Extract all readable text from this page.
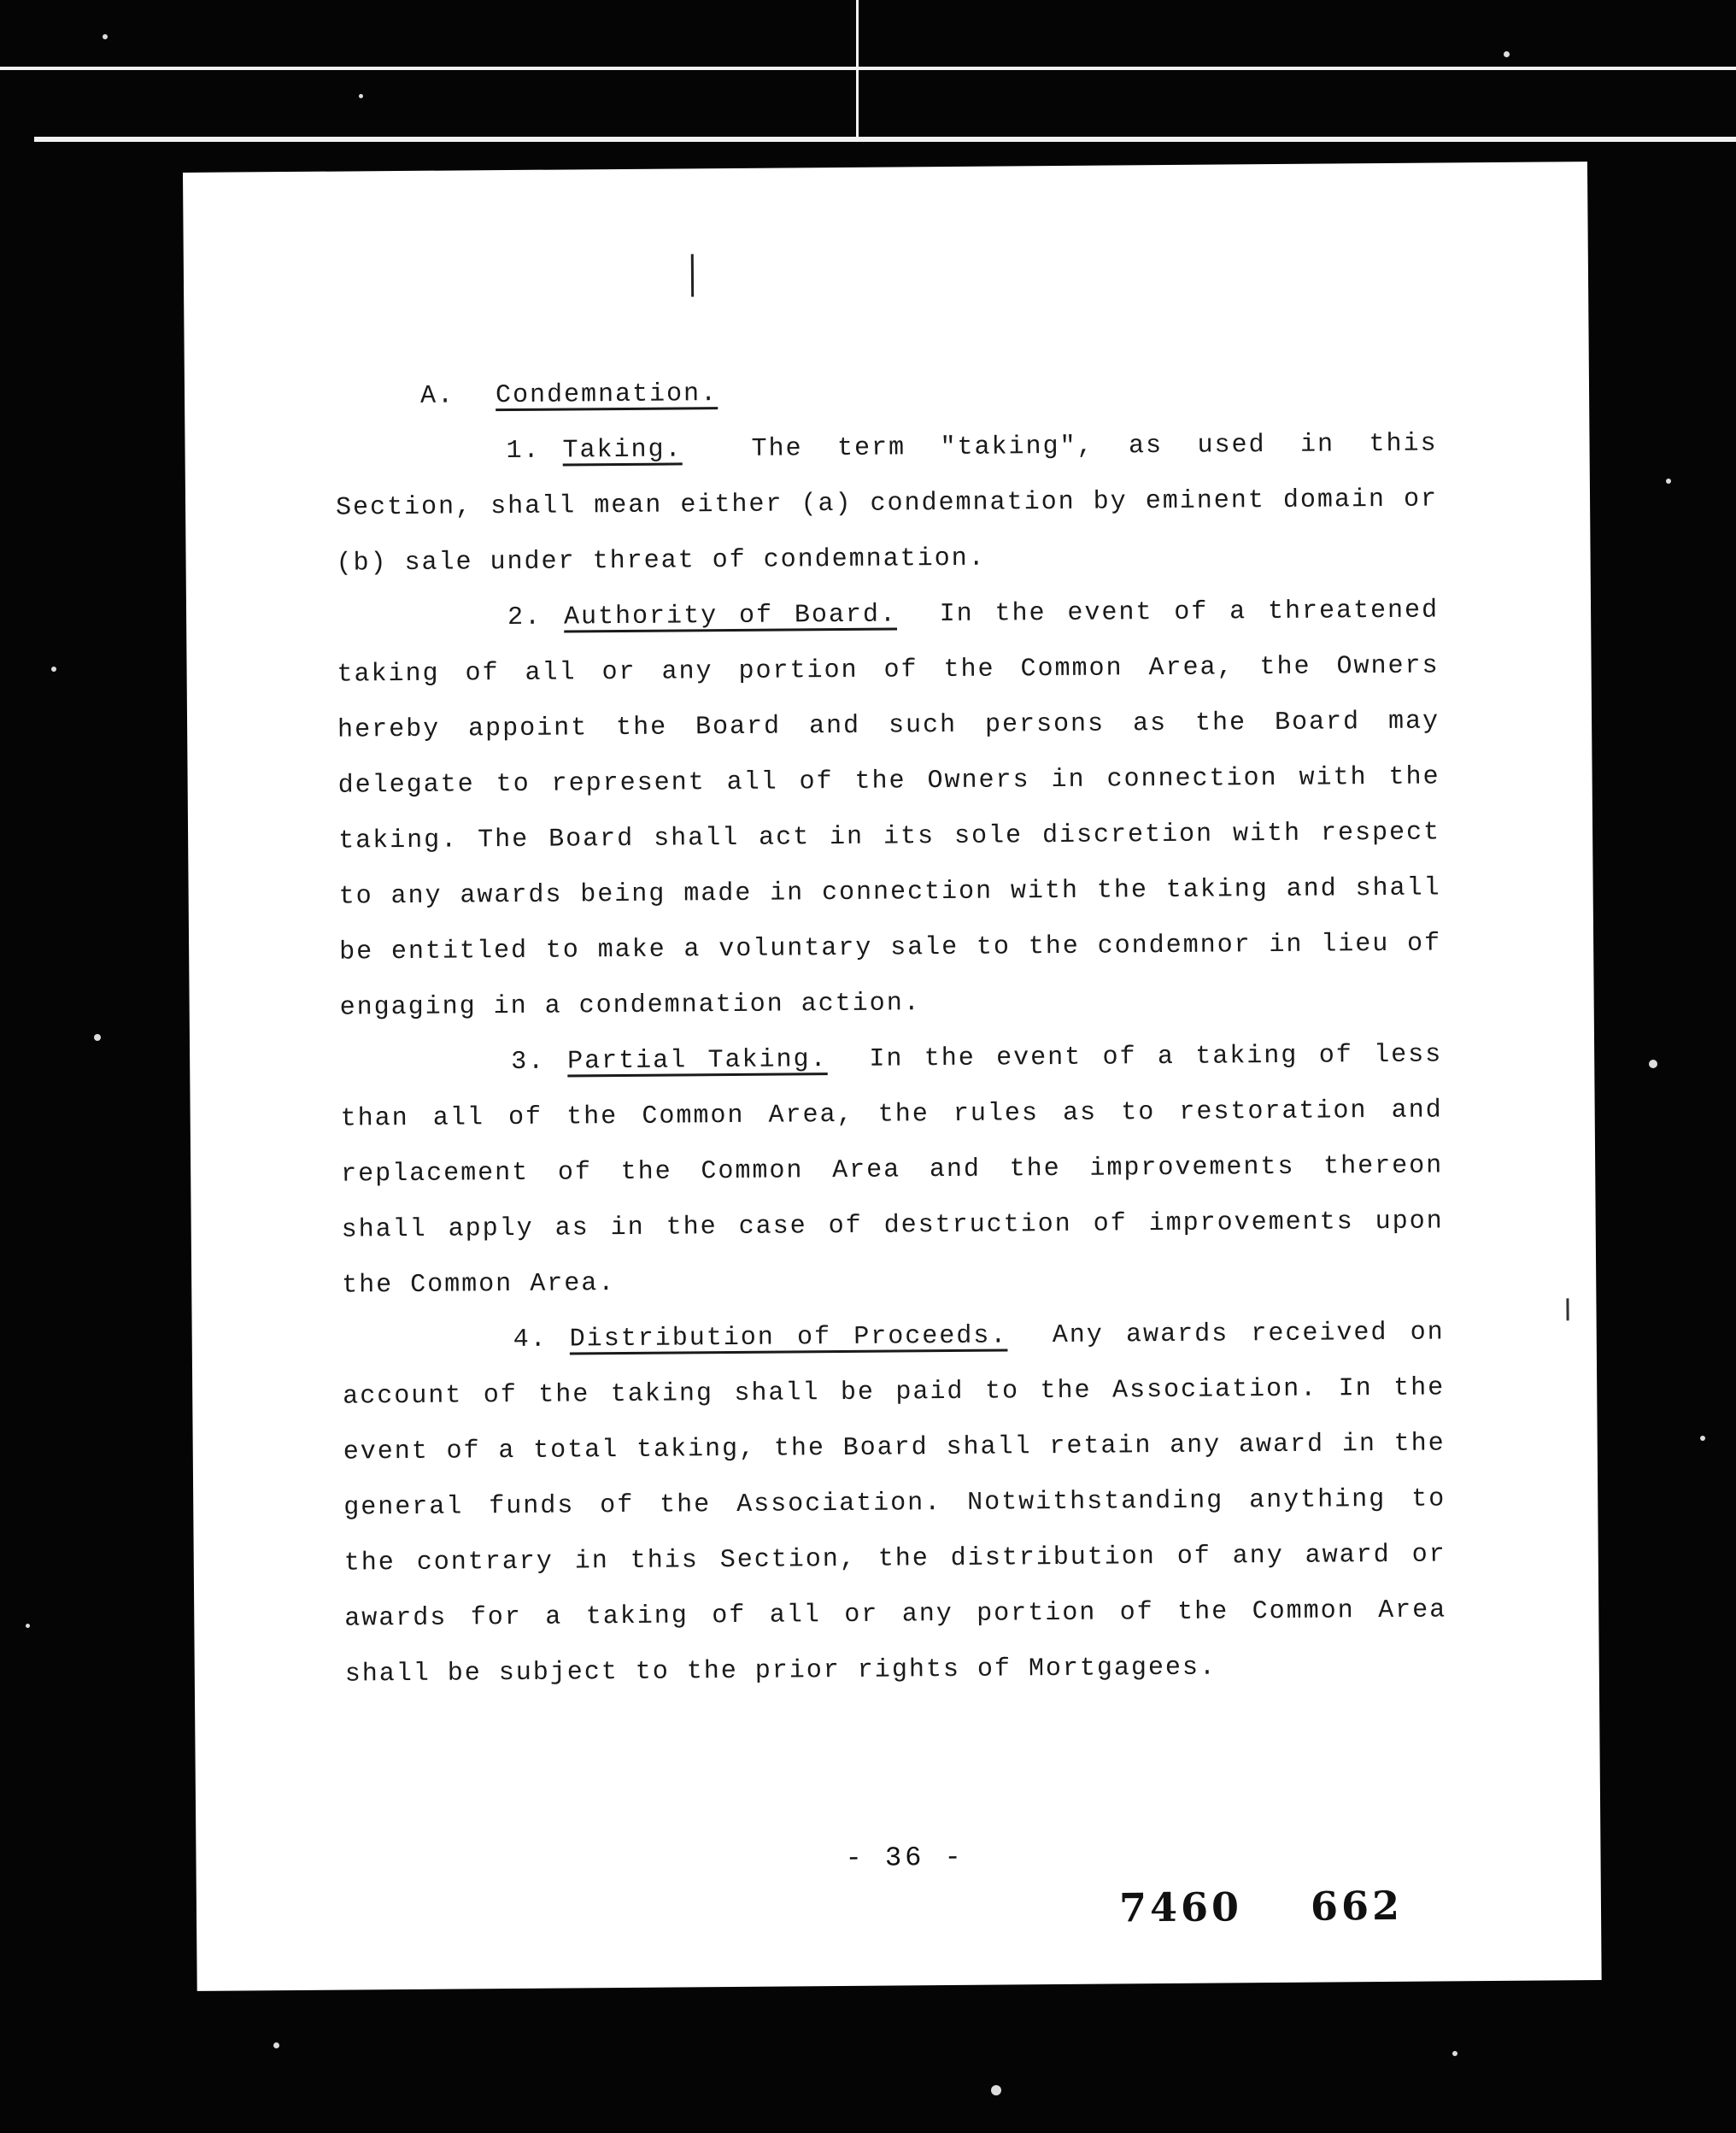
A. Condemnation.

1. Taking.	The term "taking", as used in this Section, shall mean either (a) condemnation by eminent domain or (b) sale under threat of condemnation.

2. Authority of Board. In the event of a threatened taking of all or any portion of the Common Area, the Owners hereby appoint the Board and such persons as the Board may delegate to represent all of the Owners in connection with the taking. The Board shall act in its sole discretion with respect to any awards being made in connection with the taking and shall be entitled to make a voluntary sale to the condemnor in lieu of engaging in a condemnation action.

3. Partial Taking. In the event of a taking of less than all of the Common Area, the rules as to restoration and replacement of the Common Area and the improvements thereon shall apply as in the case of destruction of improvements upon the Common Area.

4. Distribution of Proceeds. Any awards received on account of the taking shall be paid to the Association. In the event of a total taking, the Board shall retain any award in the general funds of the Association. Notwithstanding anything to the contrary in this Section, the distribution of any award or awards for a taking of all or any portion of the Common Area shall be subject to the prior rights of Mortgagees.

- 36 -
7460 662
